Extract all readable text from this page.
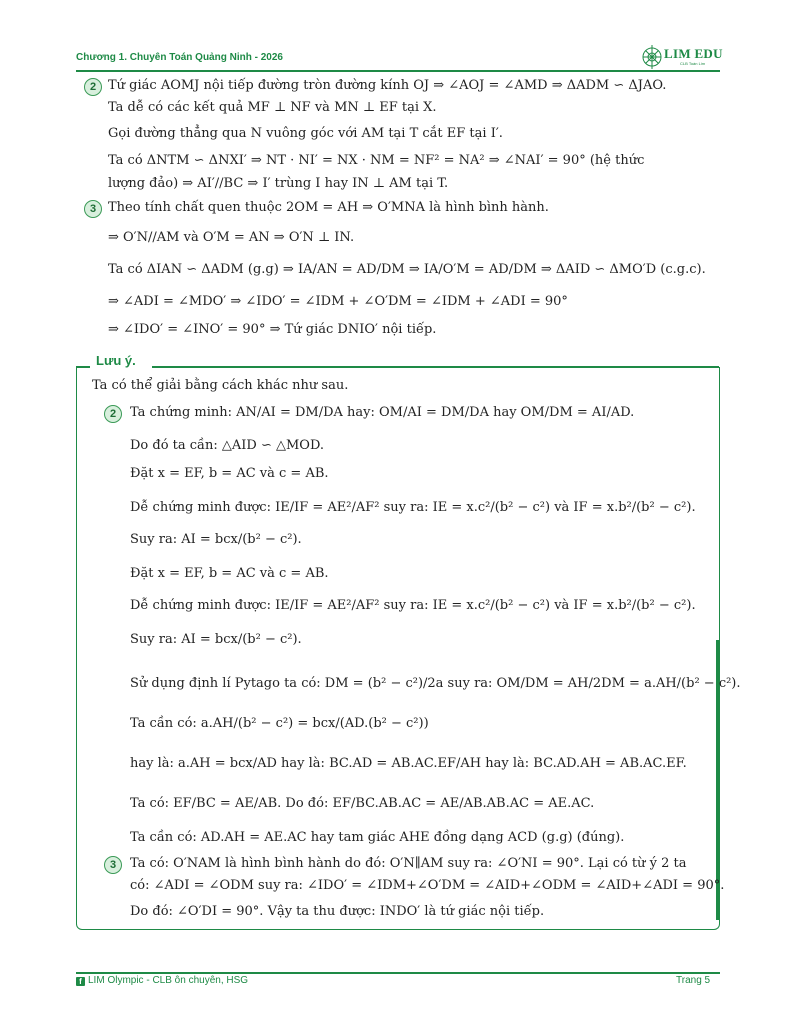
Chương 1. Chuyên Toán Quảng Ninh - 2026	LIM EDU
CLB Toán Lim
2 Tứ giác AOMJ nội tiếp đường tròn đường kính OJ ⇒ ∠AOJ = ∠AMD ⇒ ΔADM ∽ ΔJAO.
Ta dễ có các kết quả MF ⊥ NF và MN ⊥ EF tại X.
Gọi đường thẳng qua N vuông góc với AM tại T cắt EF tại I′.
Ta có ΔNTM ∽ ΔNXI′ ⇒ NT · NI′ = NX · NM = NF² = NA² ⇒ ∠NAI′ = 90° (hệ thức
lượng đảo) ⇒ AI′//BC ⇒ I′ trùng I hay IN ⊥ AM tại T.
3 Theo tính chất quen thuộc 2OM = AH ⇒ O′MNA là hình bình hành.
⇒ O′N//AM và O′M = AN ⇒ O′N ⊥ IN.
Ta có ΔIAN ∽ ΔADM (g.g) ⇒ IA/AN = AD/DM ⇒ IA/O′M = AD/DM ⇒ ΔAID ∽ ΔMO′D (c.g.c).
⇒ ∠ADI = ∠MDO′ ⇒ ∠IDO′ = ∠IDM + ∠O′DM = ∠IDM + ∠ADI = 90°
⇒ ∠IDO′ = ∠INO′ = 90° ⇒ Tứ giác DNIO′ nội tiếp.
Lưu ý.
Ta có thể giải bằng cách khác như sau.
2	Ta chứng minh: AN/AI = DM/DA hay: OM/AI = DM/DA hay OM/DM = AI/AD.
Do đó ta cần: △AID ∽ △MOD.
Đặt x = EF, b = AC và c = AB.
Dễ chứng minh được: IE/IF = AE²/AF² suy ra: IE = x.c²/(b² − c²) và IF = x.b²/(b² − c²).
Suy ra: AI = bcx/(b² − c²).
Đặt x = EF, b = AC và c = AB.
Dễ chứng minh được: IE/IF = AE²/AF² suy ra: IE = x.c²/(b² − c²) và IF = x.b²/(b² − c²).
Suy ra: AI = bcx/(b² − c²).
Sử dụng định lí Pytago ta có: DM = (b² − c²)/2a suy ra: OM/DM = AH/2DM = a.AH/(b² − c²).
Ta cần có: a.AH/(b² − c²) = bcx/(AD.(b² − c²))
hay là: a.AH = bcx/AD hay là: BC.AD = AB.AC.EF/AH hay là: BC.AD.AH = AB.AC.EF.
Ta có: EF/BC = AE/AB. Do đó: EF/BC.AB.AC = AE/AB.AB.AC = AE.AC.
Ta cần có: AD.AH = AE.AC hay tam giác AHE đồng dạng ACD (g.g) (đúng).
3	Ta có: O′NAM là hình bình hành do đó: O′N∥AM suy ra: ∠O′NI = 90°. Lại có từ ý 2 ta
có: ∠ADI = ∠ODM suy ra: ∠IDO′ = ∠IDM+∠O′DM = ∠AID+∠ODM = ∠AID+∠ADI = 90°.
Do đó: ∠O′DI = 90°. Vậy ta thu được: INDO′ là tứ giác nội tiếp.
f LIM Olympic - CLB ôn chuyên, HSG	Trang 5
